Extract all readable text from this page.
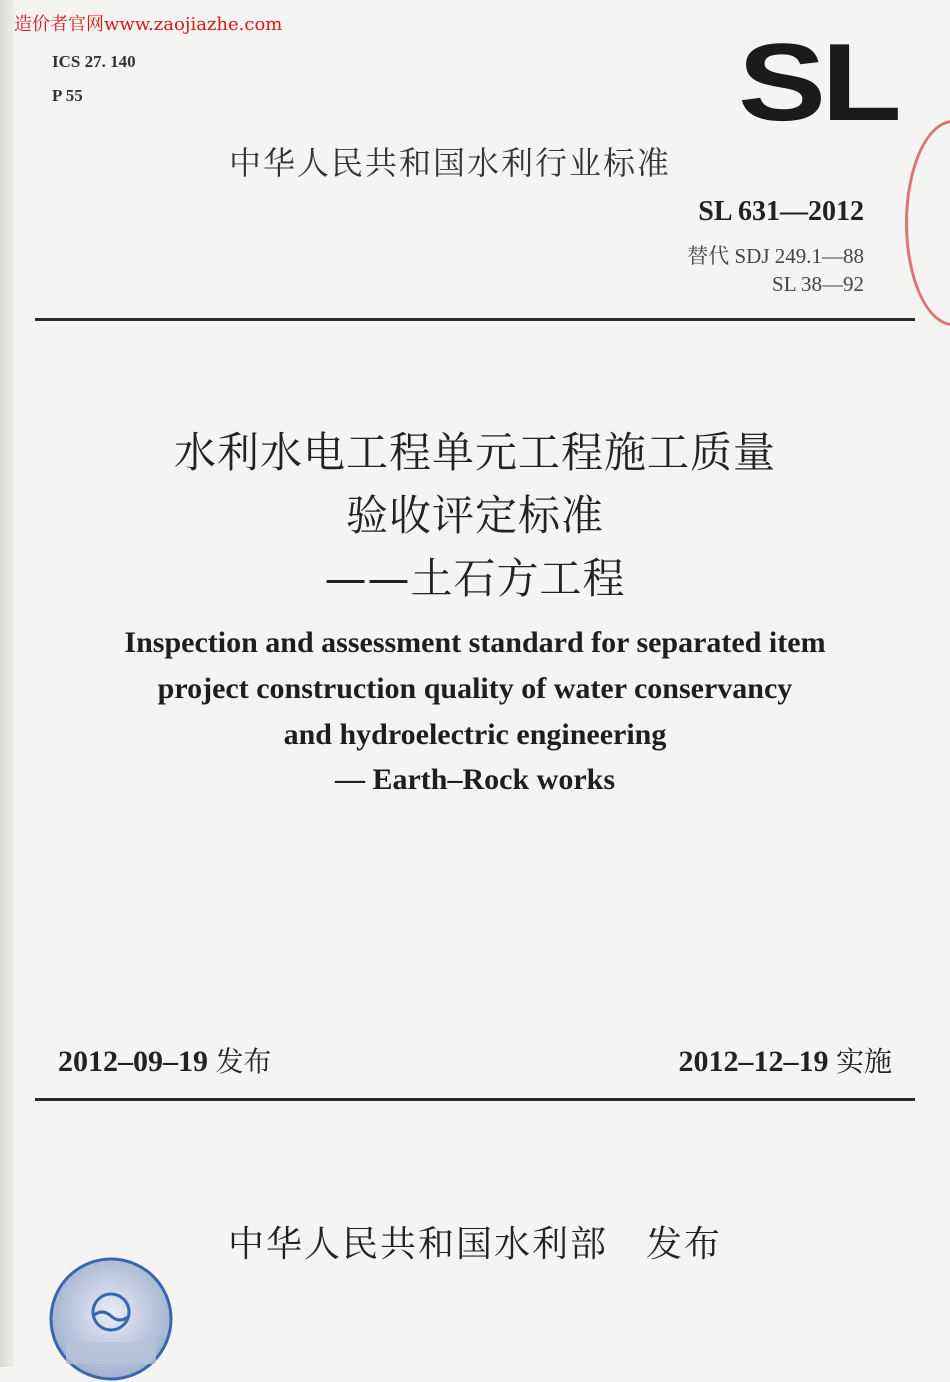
造价者官网www.zaojiazhe.com
ICS 27. 140
P 55	SL
中华人民共和国水利行业标准
SL 631—2012
替代 SDJ 249.1—88
SL 38—92
水利水电工程单元工程施工质量
验收评定标准
——土石方工程
Inspection and assessment standard for separated item
project construction quality of water conservancy
and hydroelectric engineering
— Earth–Rock works
2012–09–19 发布	2012–12–19 实施
中华人民共和国水利部　发布
